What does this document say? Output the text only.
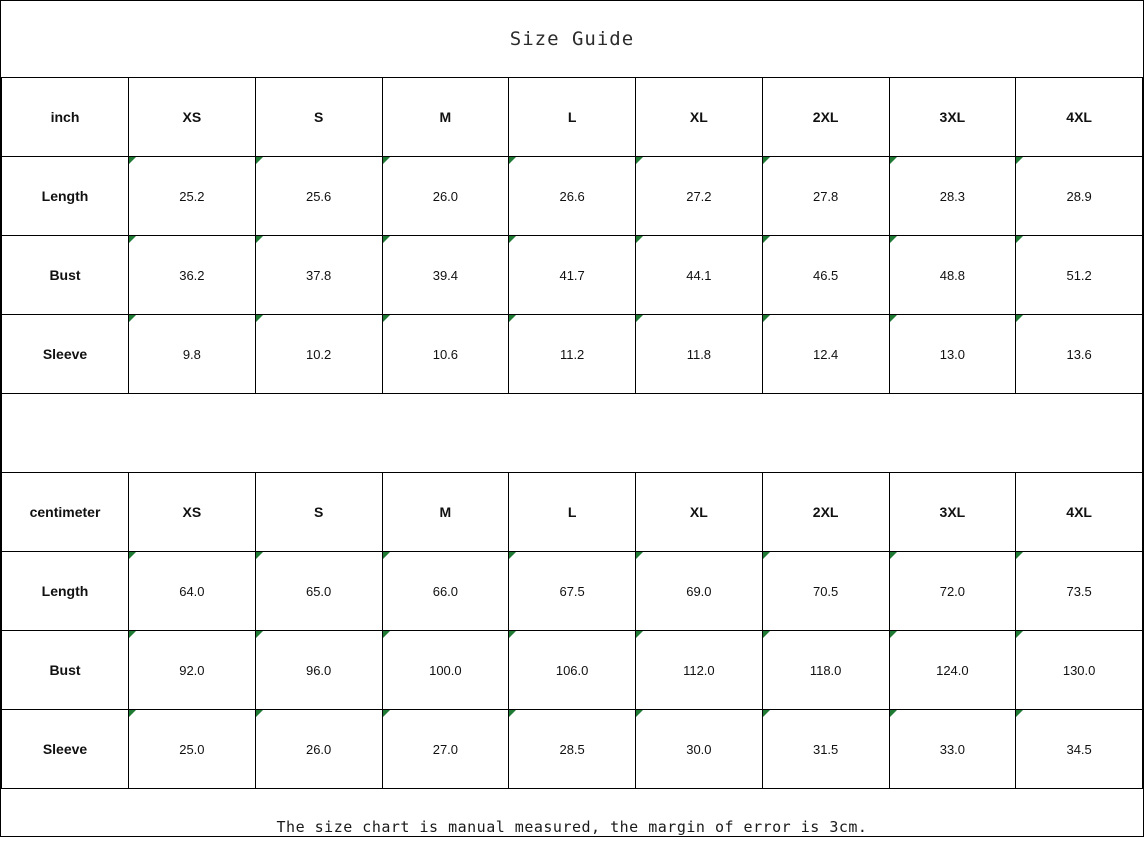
Size Guide
inch	XS	S	M	L	XL	2XL	3XL	4XL
Length	25.2	25.6	26.0	26.6	27.2	27.8	28.3	28.9
Bust	36.2	37.8	39.4	41.7	44.1	46.5	48.8	51.2
Sleeve	9.8	10.2	10.6	11.2	11.8	12.4	13.0	13.6

centimeter	XS	S	M	L	XL	2XL	3XL	4XL
Length	64.0	65.0	66.0	67.5	69.0	70.5	72.0	73.5
Bust	92.0	96.0	100.0	106.0	112.0	118.0	124.0	130.0
Sleeve	25.0	26.0	27.0	28.5	30.0	31.5	33.0	34.5
The size chart is manual measured, the margin of error is 3cm.
